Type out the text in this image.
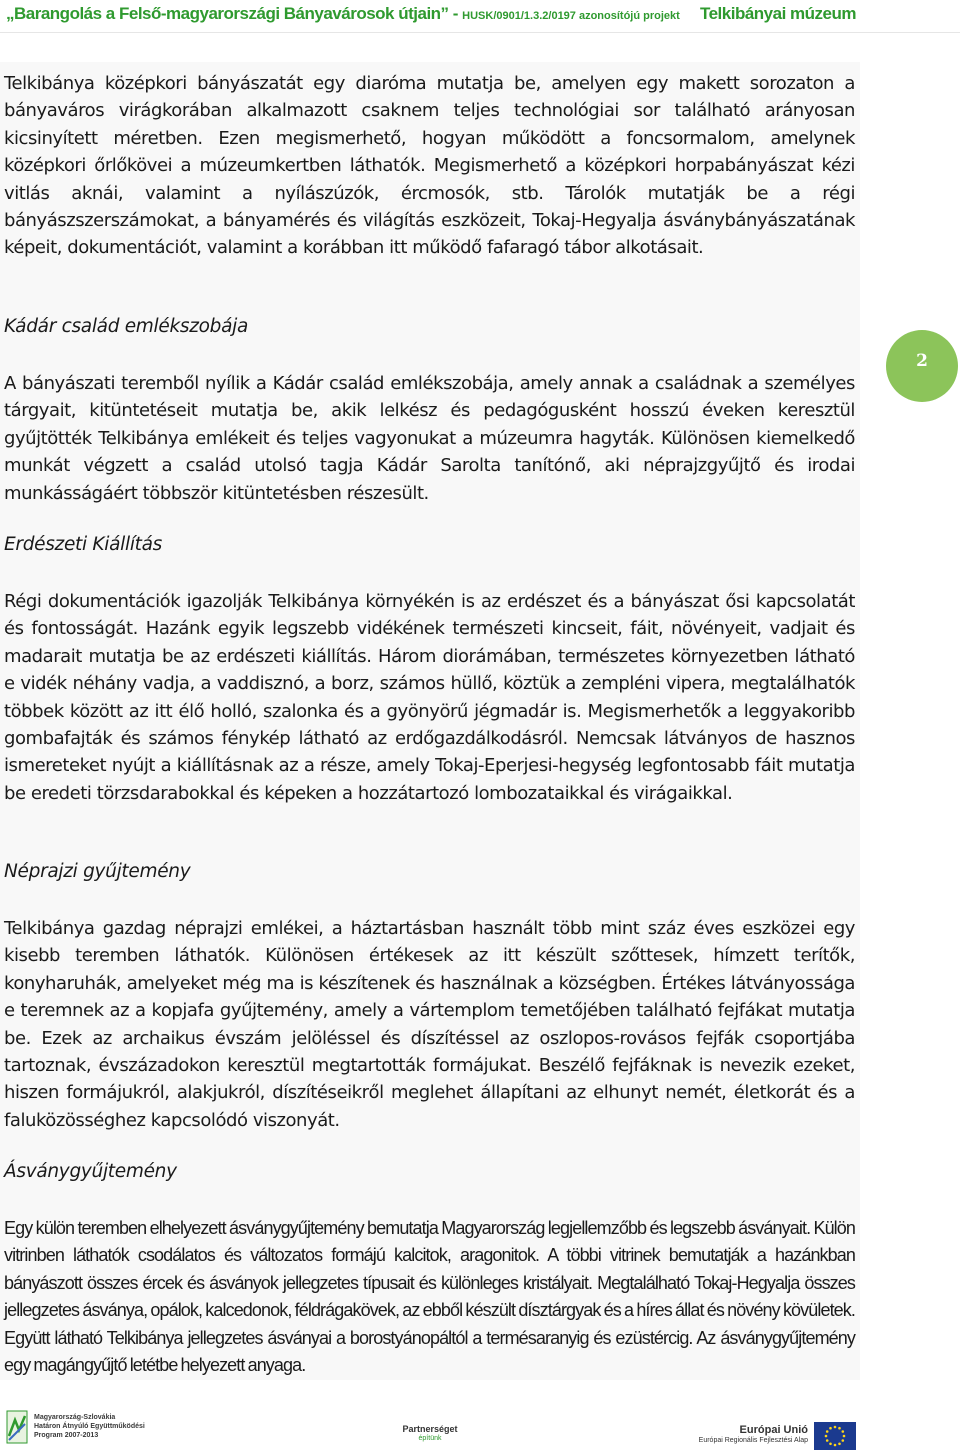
„Barangolás a Felső-magyarországi Bányavárosok útjain” - HUSK/0901/1.3.2/0197 azonosítójú projekt Telkibányai múzeum

Telkibánya középkori bányászatát egy diaróma mutatja be, amelyen egy makett sorozaton a bányaváros virágkorában alkalmazott csaknem teljes technológiai sor található arányosan kicsinyített méretben. Ezen megismerhető, hogyan működött a foncsormalom, amelynek középkori őrlőkövei a múzeumkertben láthatók. Megismerhető a középkori horpabányászat kézi vitlás aknái, valamint a nyílászúzók, ércmosók, stb. Tárolók mutatják be a régi bányászszerszámokat, a bányamérés és világítás eszközeit, Tokaj-Hegyalja ásványbányászatának képeit, dokumentációt, valamint a korábban itt működő fafaragó tábor alkotásait.

Kádár család emlékszobája

A bányászati teremből nyílik a Kádár család emlékszobája, amely annak a családnak a személyes tárgyait, kitüntetéseit mutatja be, akik lelkész és pedagógusként hosszú éveken keresztül gyűjtötték Telkibánya emlékeit és teljes vagyonukat a múzeumra hagyták. Különösen kiemelkedő munkát végzett a család utolsó tagja Kádár Sarolta tanítónő, aki néprajzgyűjtő és irodai munkásságáért többször kitüntetésben részesült.

Erdészeti Kiállítás

Régi dokumentációk igazolják Telkibánya környékén is az erdészet és a bányászat ősi kapcsolatát és fontosságát. Hazánk egyik legszebb vidékének természeti kincseit, fáit, növényeit, vadjait és madarait mutatja be az erdészeti kiállítás. Három diorámában, természetes környezetben látható e vidék néhány vadja, a vaddisznó, a borz, számos hüllő, köztük a zempléni vipera, megtalálhatók többek között az itt élő holló, szalonka és a gyönyörű jégmadár is. Megismerhetők a leggyakoribb gombafajták és számos fénykép látható az erdőgazdálkodásról. Nemcsak látványos de hasznos ismereteket nyújt a kiállításnak az a része, amely Tokaj-Eperjesi-hegység legfontosabb fáit mutatja be eredeti törzsdarabokkal és képeken a hozzátartozó lombozataikkal és virágaikkal.

Néprajzi gyűjtemény

Telkibánya gazdag néprajzi emlékei, a háztartásban használt több mint száz éves eszközei egy kisebb teremben láthatók. Különösen értékesek az itt készült szőttesek, hímzett terítők, konyharuhák, amelyeket még ma is készítenek és használnak a községben. Értékes látványossága e teremnek az a kopjafa gyűjtemény, amely a vártemplom temetőjében található fejfákat mutatja be. Ezek az archaikus évszám jelöléssel és díszítéssel az oszlopos-rovásos fejfák csoportjába tartoznak, évszázadokon keresztül megtartották formájukat. Beszélő fejfáknak is nevezik ezeket, hiszen formájukról, alakjukról, díszítéseikről meglehet állapítani az elhunyt nemét, életkorát és a faluközösséghez kapcsolódó viszonyát.

Ásványgyűjtemény

Egy külön teremben elhelyezett ásványgyűjtemény bemutatja Magyarország legjellemzőbb és legszebb ásványait. Külön vitrinben láthatók csodálatos és változatos formájú kalcitok, aragonitok. A többi vitrinek bemutatják a hazánkban bányászott összes ércek és ásványok jellegzetes típusait és különleges kristályait. Megtalálható Tokaj-Hegyalja összes jellegzetes ásványa, opálok, kalcedonok, féldrágakövek, az ebből készült dísztárgyak és a híres állat és növény kövületek. Együtt látható Telkibánya jellegzetes ásványai a borostyánopáltól a termésaranyig és ezüstércig. Az ásványgyűjtemény egy magángyűjtő letétbe helyezett anyaga.

2
Magyarország-Szlovákia
Határon Átnyúló Együttműködési
Program 2007-2013
Partnerséget
építünk
Európai Unió
Európai Regionális Fejlesztési Alap
